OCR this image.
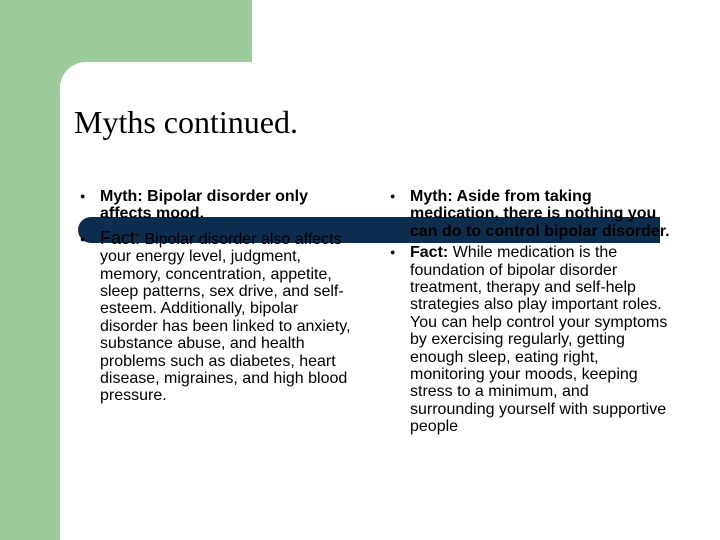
Myths continued.
● Myth: Bipolar disorder only affects mood.
● Fact: Bipolar disorder also affects your energy level, judgment, memory, concentration, appetite, sleep patterns, sex drive, and self-esteem. Additionally, bipolar disorder has been linked to anxiety, substance abuse, and health problems such as diabetes, heart disease, migraines, and high blood pressure.
● Myth: Aside from taking medication, there is nothing you can do to control bipolar disorder.
● Fact: While medication is the foundation of bipolar disorder treatment, therapy and self-help strategies also play important roles. You can help control your symptoms by exercising regularly, getting enough sleep, eating right, monitoring your moods, keeping stress to a minimum, and surrounding yourself with supportive people
